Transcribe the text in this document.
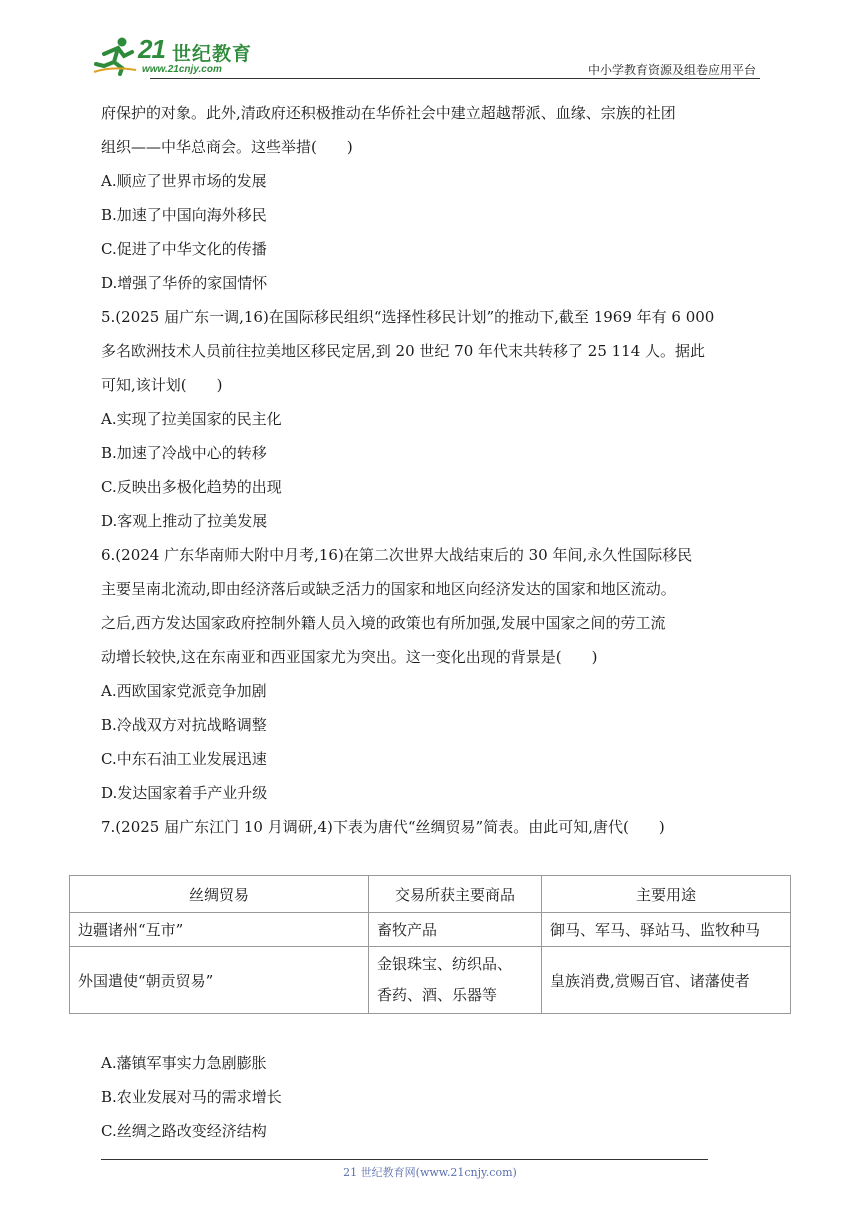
21 世纪教育
www.21cnjy.com	中小学教育资源及组卷应用平台
府保护的对象。此外,清政府还积极推动在华侨社会中建立超越帮派、血缘、宗族的社团
组织——中华总商会。这些举措(　　)
A.顺应了世界市场的发展
B.加速了中国向海外移民
C.促进了中华文化的传播
D.增强了华侨的家国情怀
5.(2025 届广东一调,16)在国际移民组织“选择性移民计划”的推动下,截至 1969 年有 6 000
多名欧洲技术人员前往拉美地区移民定居,到 20 世纪 70 年代末共转移了 25 114 人。据此
可知,该计划(　　)
A.实现了拉美国家的民主化
B.加速了冷战中心的转移
C.反映出多极化趋势的出现
D.客观上推动了拉美发展
6.(2024 广东华南师大附中月考,16)在第二次世界大战结束后的 30 年间,永久性国际移民
主要呈南北流动,即由经济落后或缺乏活力的国家和地区向经济发达的国家和地区流动。
之后,西方发达国家政府控制外籍人员入境的政策也有所加强,发展中国家之间的劳工流
动增长较快,这在东南亚和西亚国家尤为突出。这一变化出现的背景是(　　)
A.西欧国家党派竞争加剧
B.冷战双方对抗战略调整
C.中东石油工业发展迅速
D.发达国家着手产业升级
7.(2025 届广东江门 10 月调研,4)下表为唐代“丝绸贸易”简表。由此可知,唐代(　　)
丝绸贸易	交易所获主要商品	主要用途
边疆诸州“互市”	畜牧产品	御马、军马、驿站马、监牧种马
外国遣使“朝贡贸易”	金银珠宝、纺织品、
香药、酒、乐器等	皇族消费,赏赐百官、诸藩使者
A.藩镇军事实力急剧膨胀
B.农业发展对马的需求增长
C.丝绸之路改变经济结构
21 世纪教育网(www.21cnjy.com)
